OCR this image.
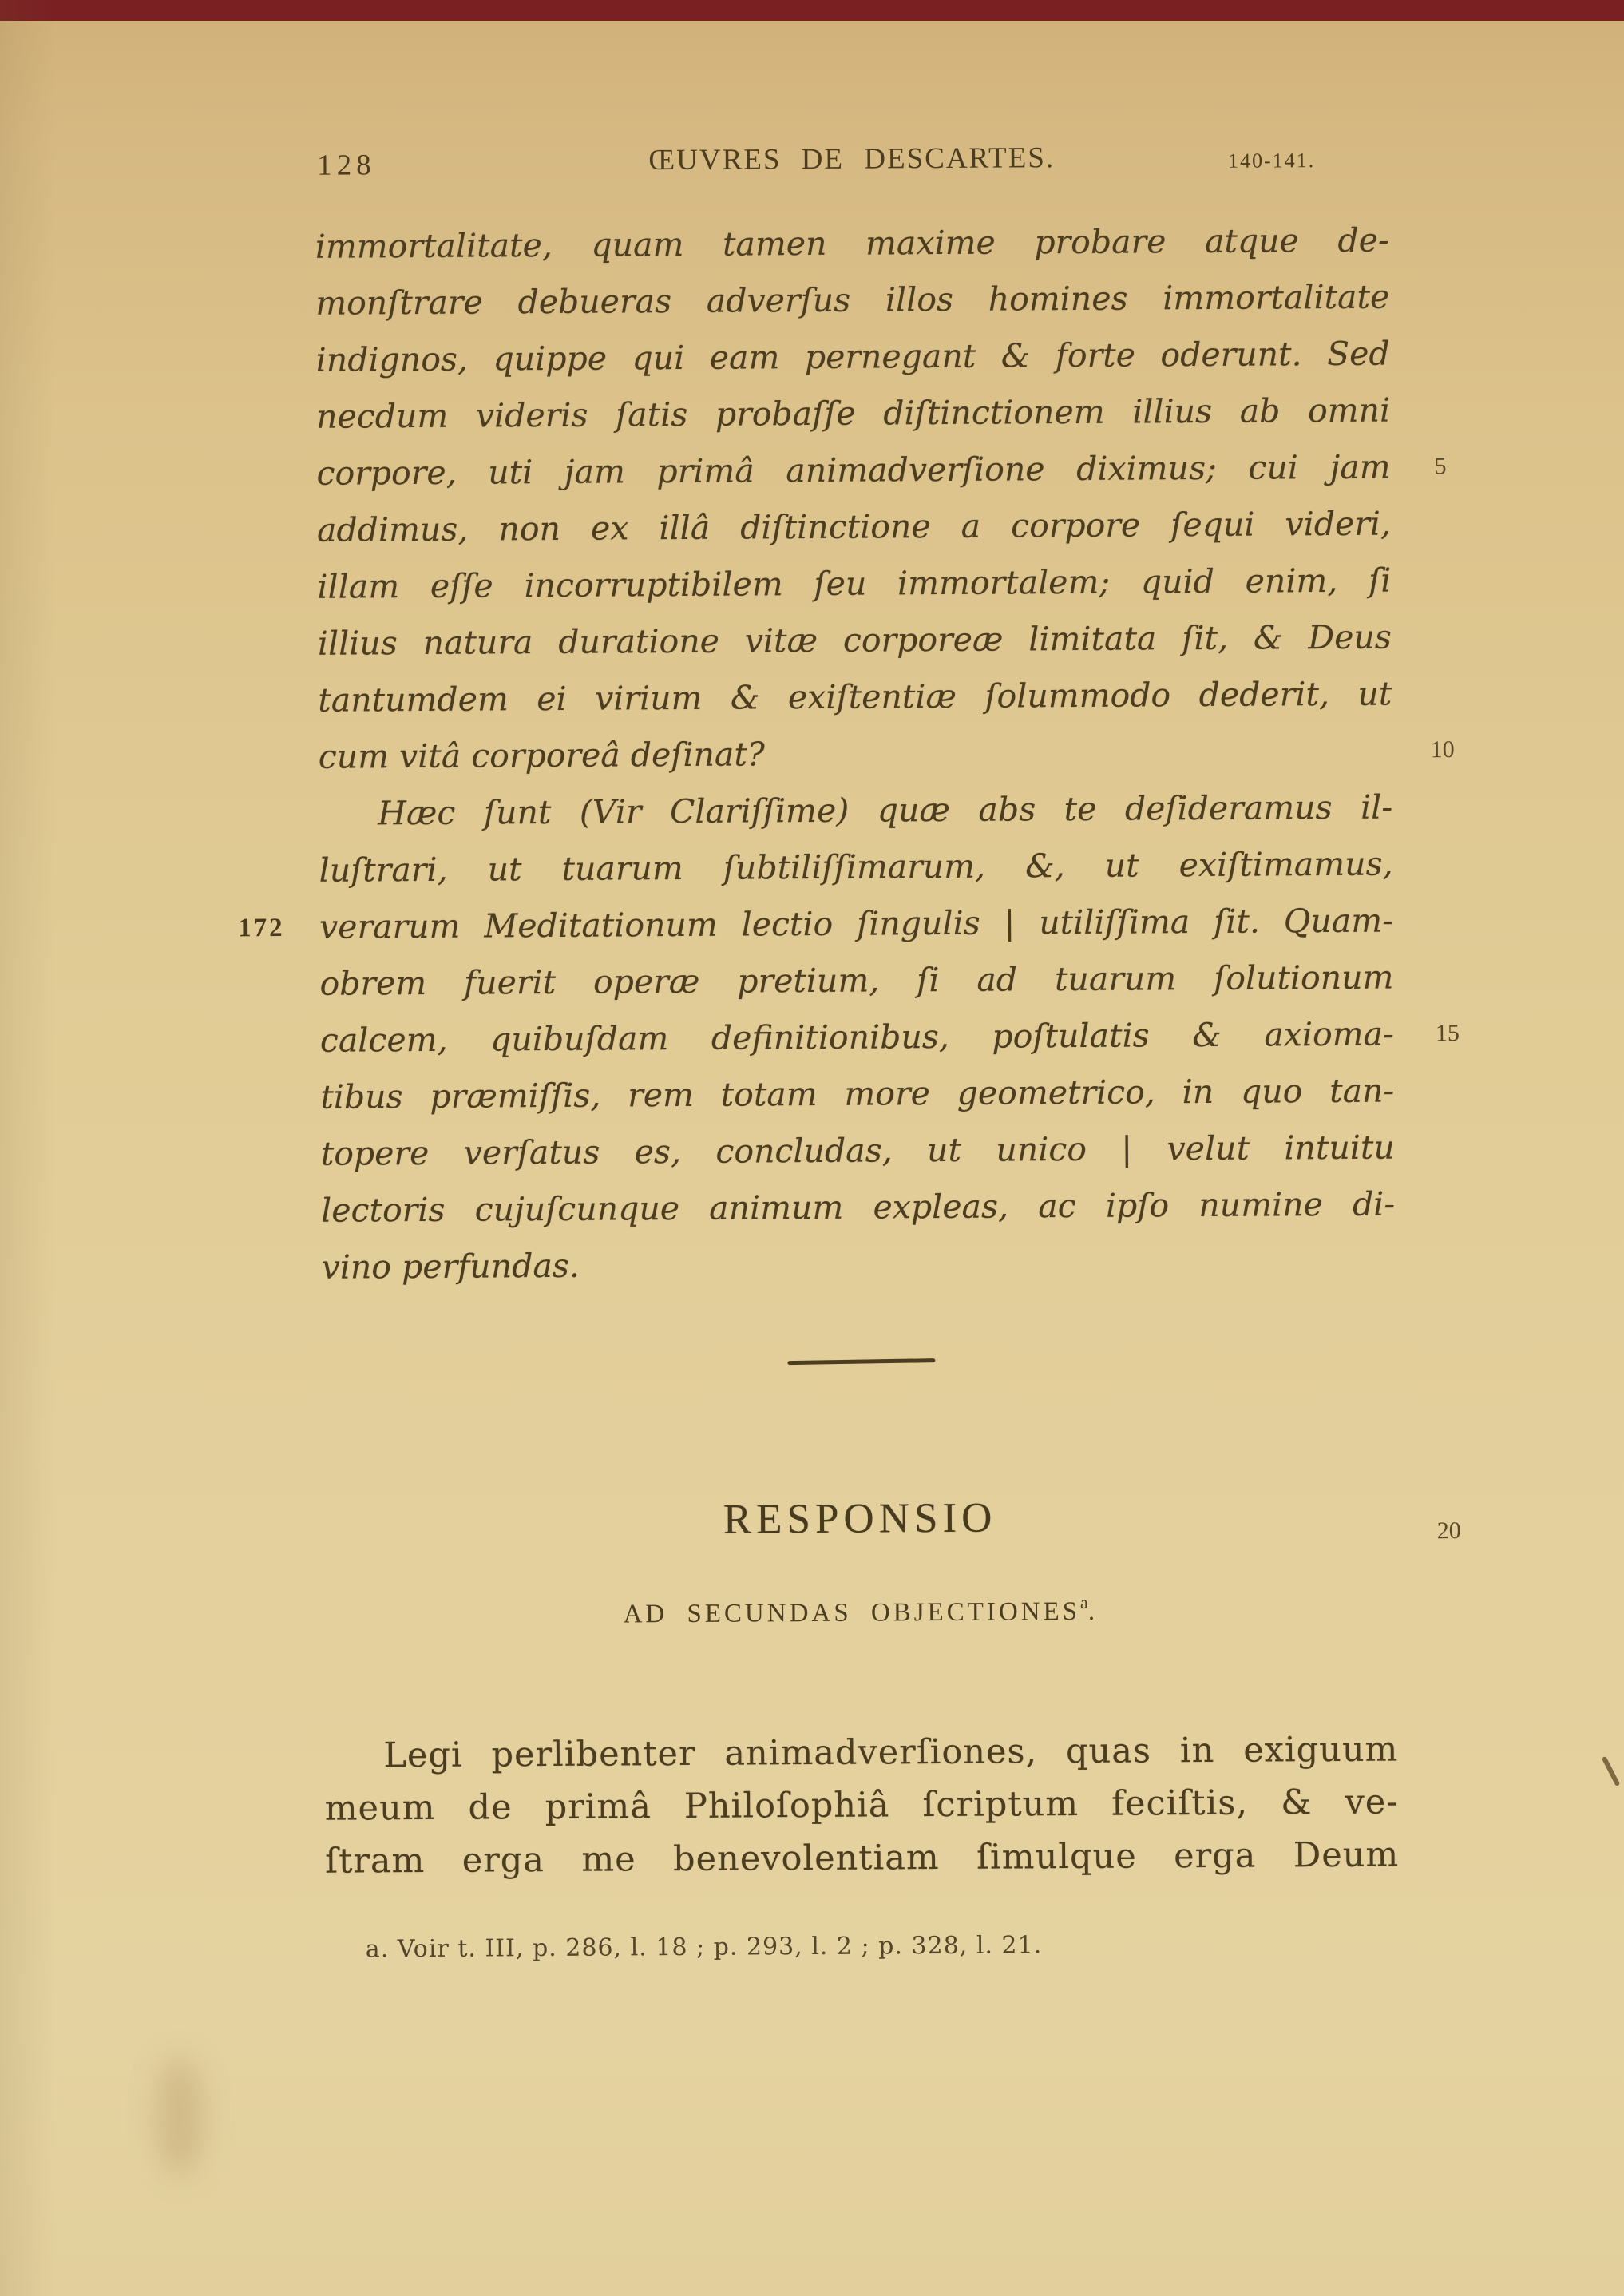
128	ŒUVRES DE DESCARTES.	140-141.
immortalitate, quam tamen maxime probare atque de-
monſtrare debueras adverſus illos homines immortalitate
indignos, quippe qui eam pernegant & forte oderunt. Sed
necdum videris ſatis probaſſe diſtinctionem illius ab omni
corpore, uti jam primâ animadverſione diximus; cui jam
addimus, non ex illâ diſtinctione a corpore ſequi videri,
illam eſſe incorruptibilem ſeu immortalem; quid enim, ſi
illius natura duratione vitæ corporeæ limitata ſit, & Deus
tantumdem ei virium & exiſtentiæ ſolummodo dederit, ut
cum vitâ corporeâ deſinat?
Hæc ſunt (Vir Clariſſime) quæ abs te deſideramus il-
luſtrari, ut tuarum ſubtiliſſimarum, &, ut exiſtimamus,
verarum Meditationum lectio ſingulis | utiliſſima ſit. Quam-
obrem fuerit operæ pretium, ſi ad tuarum ſolutionum
calcem, quibuſdam definitionibus, poſtulatis & axioma-
tibus præmiſſis, rem totam more geometrico, in quo tan-
topere verſatus es, concludas, ut unico | velut intuitu
lectoris cujuſcunque animum expleas, ac ipſo numine di-
vino perfundas.
5
10
15
20
172
RESPONSIO
AD SECUNDAS OBJECTIONES$^a$.
Legi perlibenter animadverſiones, quas in exiguum
meum de primâ Philoſophiâ ſcriptum feciſtis, & ve-
ſtram erga me benevolentiam ſimulque erga Deum
a. Voir t. III, p. 286, l. 18 ; p. 293, l. 2 ; p. 328, l. 21.
